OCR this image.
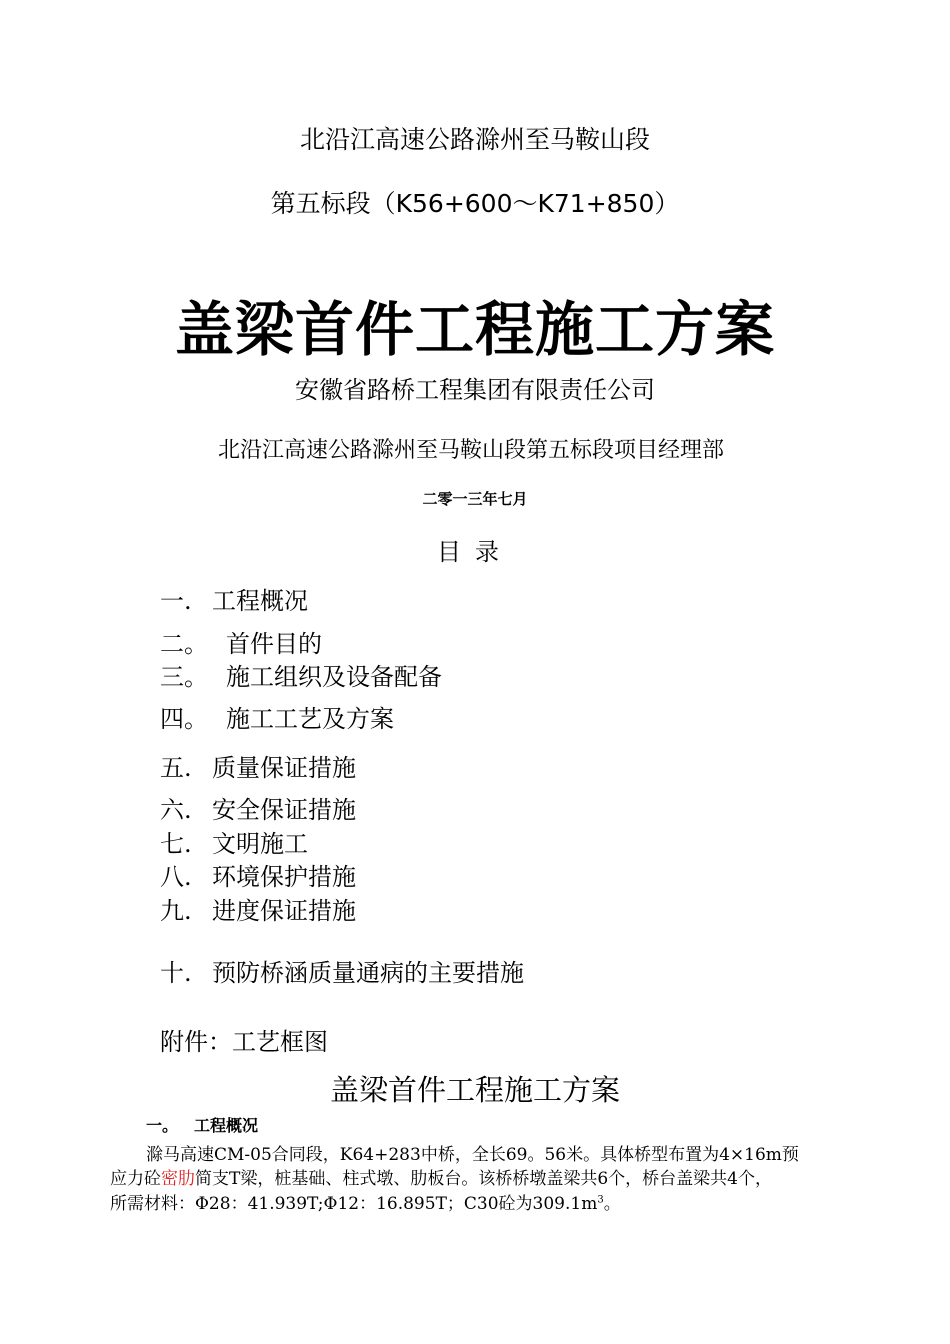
北沿江高速公路滁州至马鞍山段
第五标段（K56+600～K71+850）
盖梁首件工程施工方案
安徽省路桥工程集团有限责任公司
北沿江高速公路滁州至马鞍山段第五标段项目经理部
二零一三年七月
目录
一. 工程概况
二。 首件目的
三。 施工组织及设备配备
四。 施工工艺及方案
五. 质量保证措施
六. 安全保证措施
七. 文明施工
八. 环境保护措施
九. 进度保证措施
十. 预防桥涵质量通病的主要措施
附件：工艺框图
盖梁首件工程施工方案
一。 工程概况
滁马高速CM-05合同段，K64+283中桥，全长69。56米。具体桥型布置为4×16m预
应力砼密肋简支T梁，桩基础、柱式墩、肋板台。该桥桥墩盖梁共6个，桥台盖梁共4个，
所需材料：Φ28：41.939T;Φ12：16.895T；C30砼为$309.1m^3$。
